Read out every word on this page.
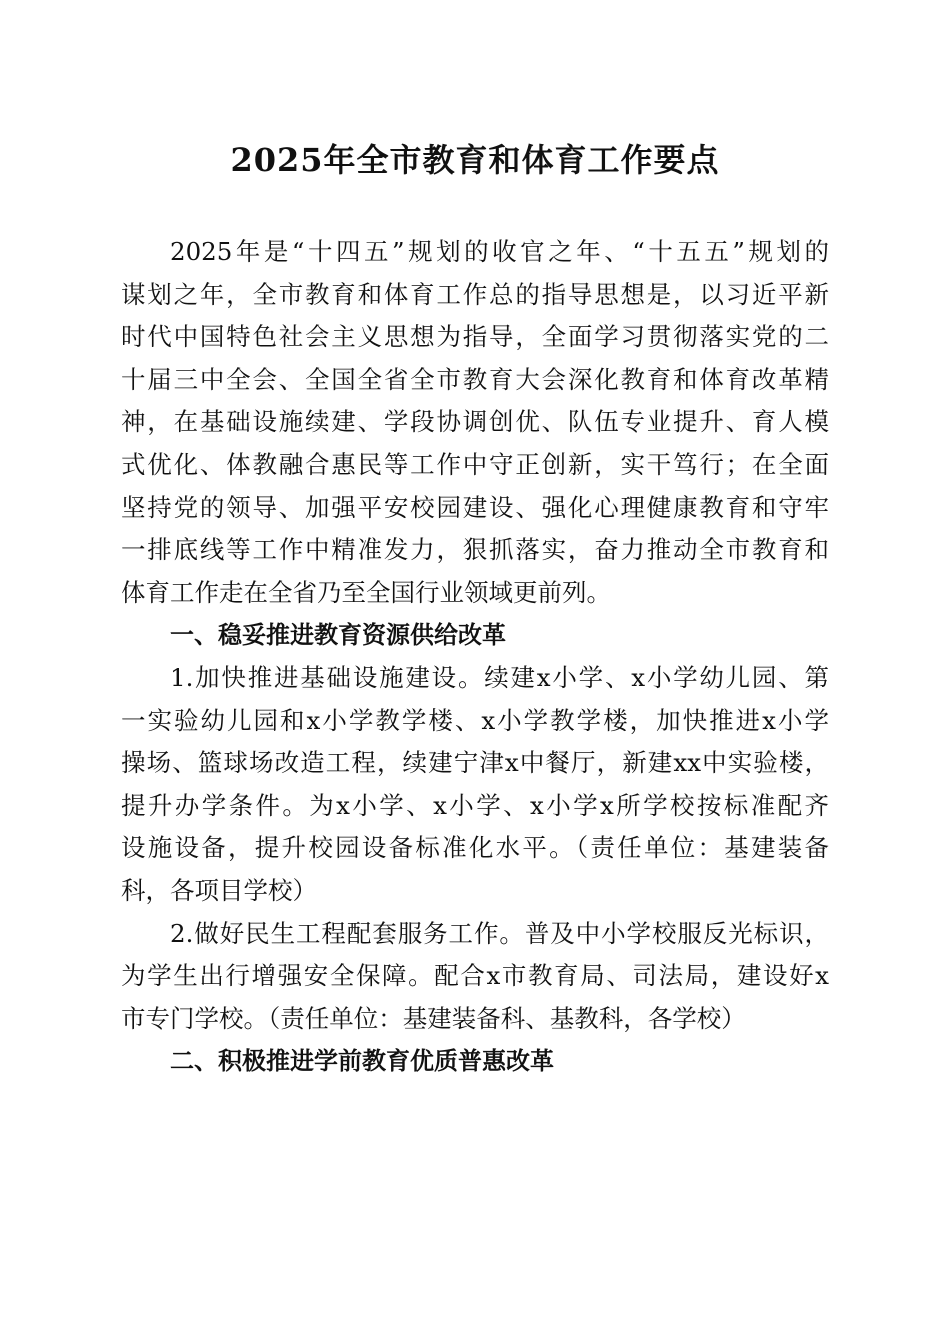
2025年全市教育和体育工作要点
2025年是“十四五”规划的收官之年、“十五五”规划的
谋划之年，全市教育和体育工作总的指导思想是，以习近平新
时代中国特色社会主义思想为指导，全面学习贯彻落实党的二
十届三中全会、全国全省全市教育大会深化教育和体育改革精
神，在基础设施续建、学段协调创优、队伍专业提升、育人模
式优化、体教融合惠民等工作中守正创新，实干笃行；在全面
坚持党的领导、加强平安校园建设、强化心理健康教育和守牢
一排底线等工作中精准发力，狠抓落实，奋力推动全市教育和
体育工作走在全省乃至全国行业领域更前列。
一、稳妥推进教育资源供给改革
1.加快推进基础设施建设。续建x小学、x小学幼儿园、第
一实验幼儿园和x小学教学楼、x小学教学楼，加快推进x小学
操场、篮球场改造工程，续建宁津x中餐厅，新建xx中实验楼，
提升办学条件。为x小学、x小学、x小学x所学校按标准配齐
设施设备，提升校园设备标准化水平。（责任单位：基建装备
科，各项目学校）
2.做好民生工程配套服务工作。普及中小学校服反光标识，
为学生出行增强安全保障。配合x市教育局、司法局，建设好x
市专门学校。（责任单位：基建装备科、基教科，各学校）
二、积极推进学前教育优质普惠改革
